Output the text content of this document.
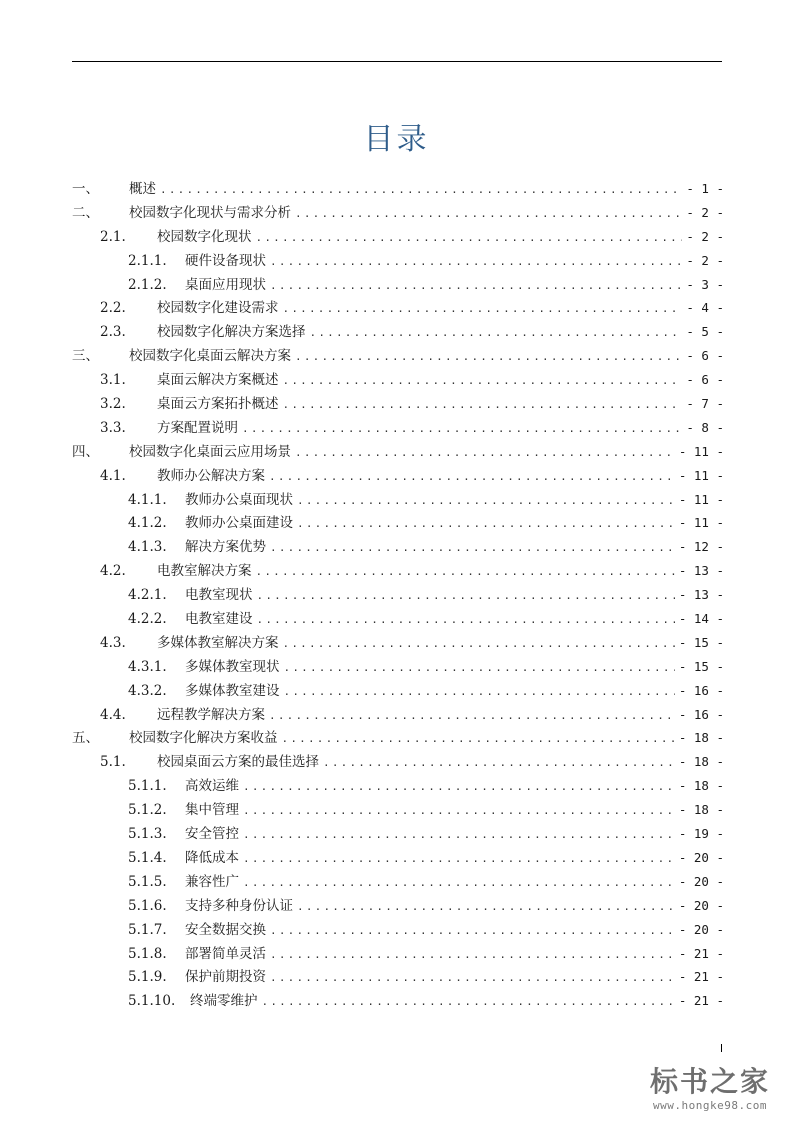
目录
一、	概述 .....	- 1 -
二、	校园数字化现状与需求分析 .....	- 2 -
2.1.	校园数字化现状 .....	- 2 -
2.1.1.	硬件设备现状 .....	- 2 -
2.1.2.	桌面应用现状 .....	- 3 -
2.2.	校园数字化建设需求 .....	- 4 -
2.3.	校园数字化解决方案选择 .....	- 5 -
三、	校园数字化桌面云解决方案 .....	- 6 -
3.1.	桌面云解决方案概述 .....	- 6 -
3.2.	桌面云方案拓扑概述 .....	- 7 -
3.3.	方案配置说明 .....	- 8 -
四、	校园数字化桌面云应用场景 .....	- 11 -
4.1.	教师办公解决方案 .....	- 11 -
4.1.1.	教师办公桌面现状 .....	- 11 -
4.1.2.	教师办公桌面建设 .....	- 11 -
4.1.3.	解决方案优势 .....	- 12 -
4.2.	电教室解决方案 .....	- 13 -
4.2.1.	电教室现状 .....	- 13 -
4.2.2.	电教室建设 .....	- 14 -
4.3.	多媒体教室解决方案 .....	- 15 -
4.3.1.	多媒体教室现状 .....	- 15 -
4.3.2.	多媒体教室建设 .....	- 16 -
4.4.	远程教学解决方案 .....	- 16 -
五、	校园数字化解决方案收益 .....	- 18 -
5.1.	校园桌面云方案的最佳选择 .....	- 18 -
5.1.1.	高效运维 .....	- 18 -
5.1.2.	集中管理 .....	- 18 -
5.1.3.	安全管控 .....	- 19 -
5.1.4.	降低成本 .....	- 20 -
5.1.5.	兼容性广 .....	- 20 -
5.1.6.	支持多种身份认证 .....	- 20 -
5.1.7.	安全数据交换 .....	- 20 -
5.1.8.	部署简单灵活 .....	- 21 -
5.1.9.	保护前期投资 .....	- 21 -
5.1.10.	终端零维护 .....	- 21 -
标书之家
www.hongke98.com
